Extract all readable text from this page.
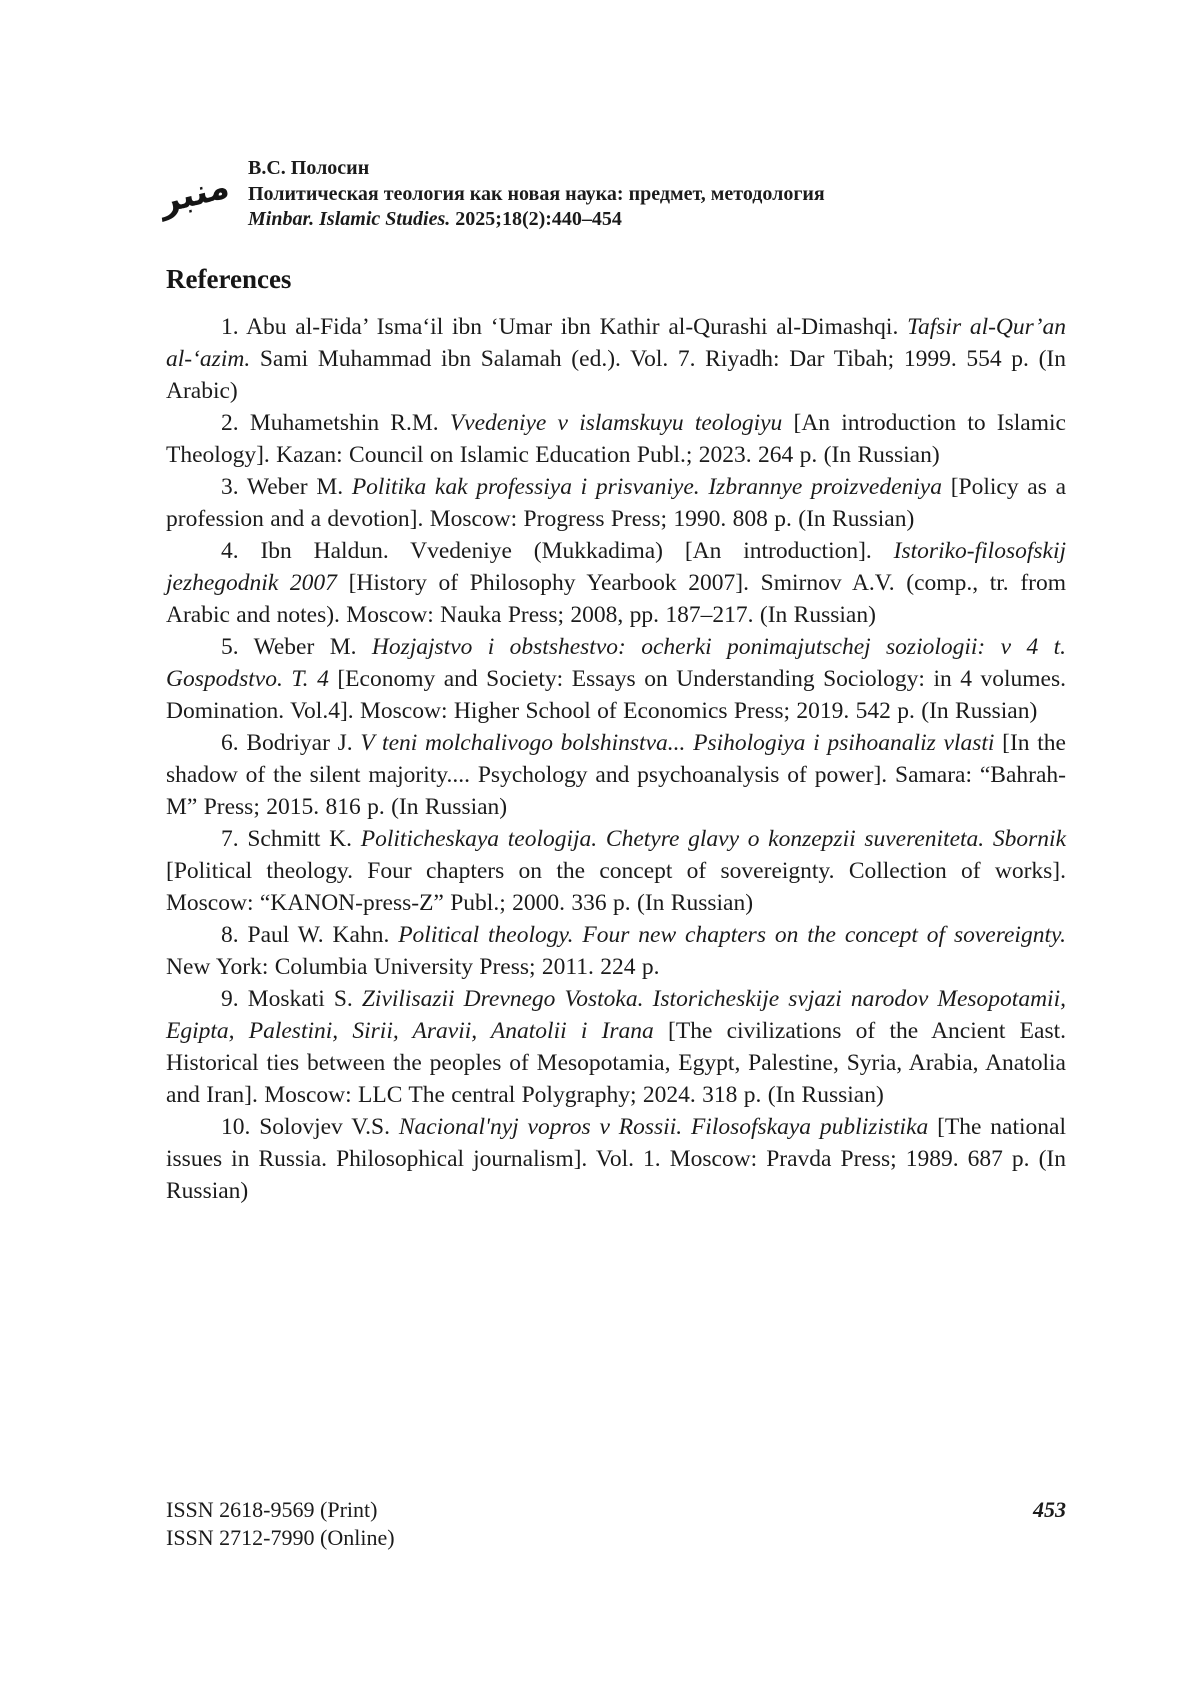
منبر В.С. Полосин
Политическая теология как новая наука: предмет, методология
Minbar. Islamic Studies. 2025;18(2):440–454
References

1. Abu al-Fida’ Isma‘il ibn ‘Umar ibn Kathir al-Qurashi al-Dimashqi. Tafsir al-Qur’an al-‘azim. Sami Muhammad ibn Salamah (ed.). Vol. 7. Riyadh: Dar Tibah; 1999. 554 p. (In Arabic)

2. Muhametshin R.M. Vvedeniye v islamskuyu teologiyu [An introduction to Islamic Theology]. Kazan: Council on Islamic Education Publ.; 2023. 264 p. (In Russian)

3. Weber M. Politika kak professiya i prisvaniye. Izbrannye proizvedeniya [Policy as a profession and a devotion]. Moscow: Progress Press; 1990. 808 p. (In Russian)

4. Ibn Haldun. Vvedeniye (Mukkadima) [An introduction]. Istoriko-filosofskij jezhegodnik 2007 [History of Philosophy Yearbook 2007]. Smirnov A.V. (comp., tr. from Arabic and notes). Moscow: Nauka Press; 2008, pp. 187–217. (In Russian)

5. Weber M. Hozjajstvo i obstshestvo: ocherki ponimajutschej soziologii: v 4 t. Gospodstvo. T. 4 [Economy and Society: Essays on Understanding Sociology: in 4 volumes. Domination. Vol.4]. Moscow: Higher School of Economics Press; 2019. 542 p. (In Russian)

6. Bodriyar J. V teni molchalivogo bolshinstva... Psihologiya i psihoanaliz vlasti [In the shadow of the silent majority.... Psychology and psychoanalysis of power]. Samara: “Bahrah-M” Press; 2015. 816 p. (In Russian)

7. Schmitt K. Politicheskaya teologija. Chetyre glavy o konzepzii suvereniteta. Sbornik [Political theology. Four chapters on the concept of sovereignty. Collection of works]. Moscow: “KANON-press-Z” Publ.; 2000. 336 p. (In Russian)

8. Paul W. Kahn. Political theology. Four new chapters on the concept of sovereignty. New York: Columbia University Press; 2011. 224 p.

9. Moskati S. Zivilisazii Drevnego Vostoka. Istoricheskije svjazi narodov Mesopotamii, Egipta, Palestini, Sirii, Aravii, Anatolii i Irana [The civilizations of the Ancient East. Historical ties between the peoples of Mesopotamia, Egypt, Palestine, Syria, Arabia, Anatolia and Iran]. Moscow: LLC The central Polygraphy; 2024. 318 p. (In Russian)

10. Solovjev V.S. Nacional'nyj vopros v Rossii. Filosofskaya publizistika [The national issues in Russia. Philosophical journalism]. Vol. 1. Moscow: Pravda Press; 1989. 687 p. (In Russian)

ISSN 2618-9569 (Print)
ISSN 2712-7990 (Online)
453
